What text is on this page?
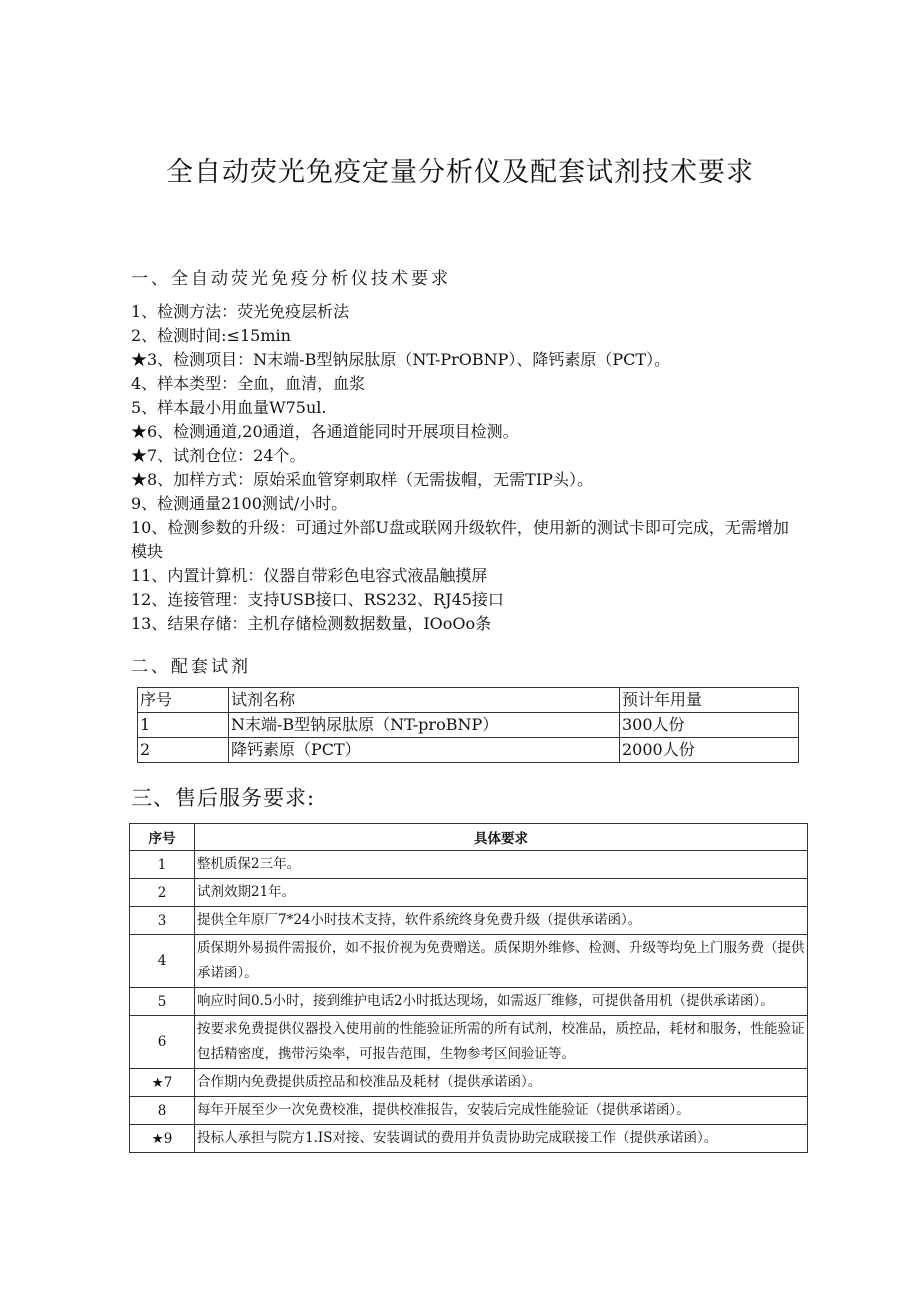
全自动荧光免疫定量分析仪及配套试剂技术要求
一、全自动荧光免疫分析仪技术要求

1、检测方法：荧光免疫层析法

2、检测时间:≤15min

★3、检测项目：N末端-B型钠尿肽原（NT-PrOBNP）、降钙素原（PCT）。

4、样本类型：全血，血清，血浆

5、样本最小用血量W75ul.

★6、检测通道,20通道，各通道能同时开展项目检测。

★7、试剂仓位：24个。

★8、加样方式：原始采血管穿刺取样（无需拔帽，无需TIP头）。

9、检测通量2100测试/小时。

10、检测参数的升级：可通过外部U盘或联网升级软件，使用新的测试卡即可完成，无需增加模块

11、内置计算机：仪器自带彩色电容式液晶触摸屏

12、连接管理：支持USB接口、RS232、RJ45接口

13、结果存储：主机存储检测数据数量，IOoOo条

二、配套试剂
序号	试剂名称	预计年用量
1	N末端-B型钠尿肽原（NT-proBNP）	300人份
2	降钙素原（PCT）	2000人份
三、售后服务要求:
序号	具体要求
1	整机质保2三年。
2	试剂效期21年。
3	提供全年原厂7*24小时技术支持，软件系统终身免费升级（提供承诺函）。
4	质保期外易损件需报价，如不报价视为免费赠送。质保期外维修、检测、升级等均免上门服务费（提供承诺函）。
5	响应时间0.5小时，接到维护电话2小时抵达现场，如需返厂维修，可提供备用机（提供承诺函）。
6	按要求免费提供仪器投入使用前的性能验证所需的所有试剂，校准品，质控品，耗材和服务，性能验证包括精密度，携带污染率，可报告范围，生物参考区间验证等。
★7	合作期内免费提供质控品和校准品及耗材（提供承诺函）。
8	每年开展至少一次免费校准，提供校准报告，安装后完成性能验证（提供承诺函）。
★9	投标人承担与院方1.IS对接、安装调试的费用并负责协助完成联接工作（提供承诺函）。
